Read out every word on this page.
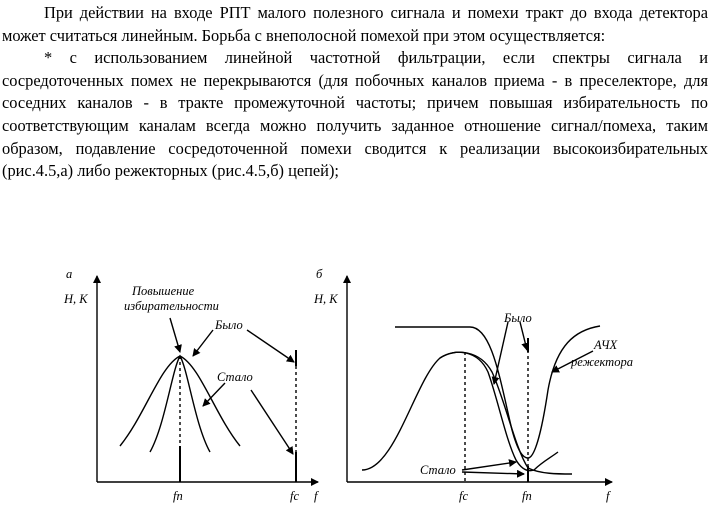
При действии на входе РПТ малого полезного сигнала и помехи тракт до входа детектора может считаться линейным. Борьба с внеполосной помехой при этом осуществляется:

* с использованием линейной частотной фильтрации, если спектры сигнала и сосредоточенных помех не перекрываются (для побочных каналов приема - в преселекторе, для соседних каналов - в тракте промежуточной частоты; причем повышая избирательность по соответствующим каналам всегда можно получить заданное отношение сигнал/помеха, таким образом, подавление сосредоточенной помехи сводится к реализации высокоизбирательных (рис.4.5,а) либо режекторных (рис.4.5,б) цепей);

а
Н, К
Повышение
избирательности
Было
Стало
fп	fс f
б
Н, К
Было
АЧХ
режектора
Стало
fс	fп	f
